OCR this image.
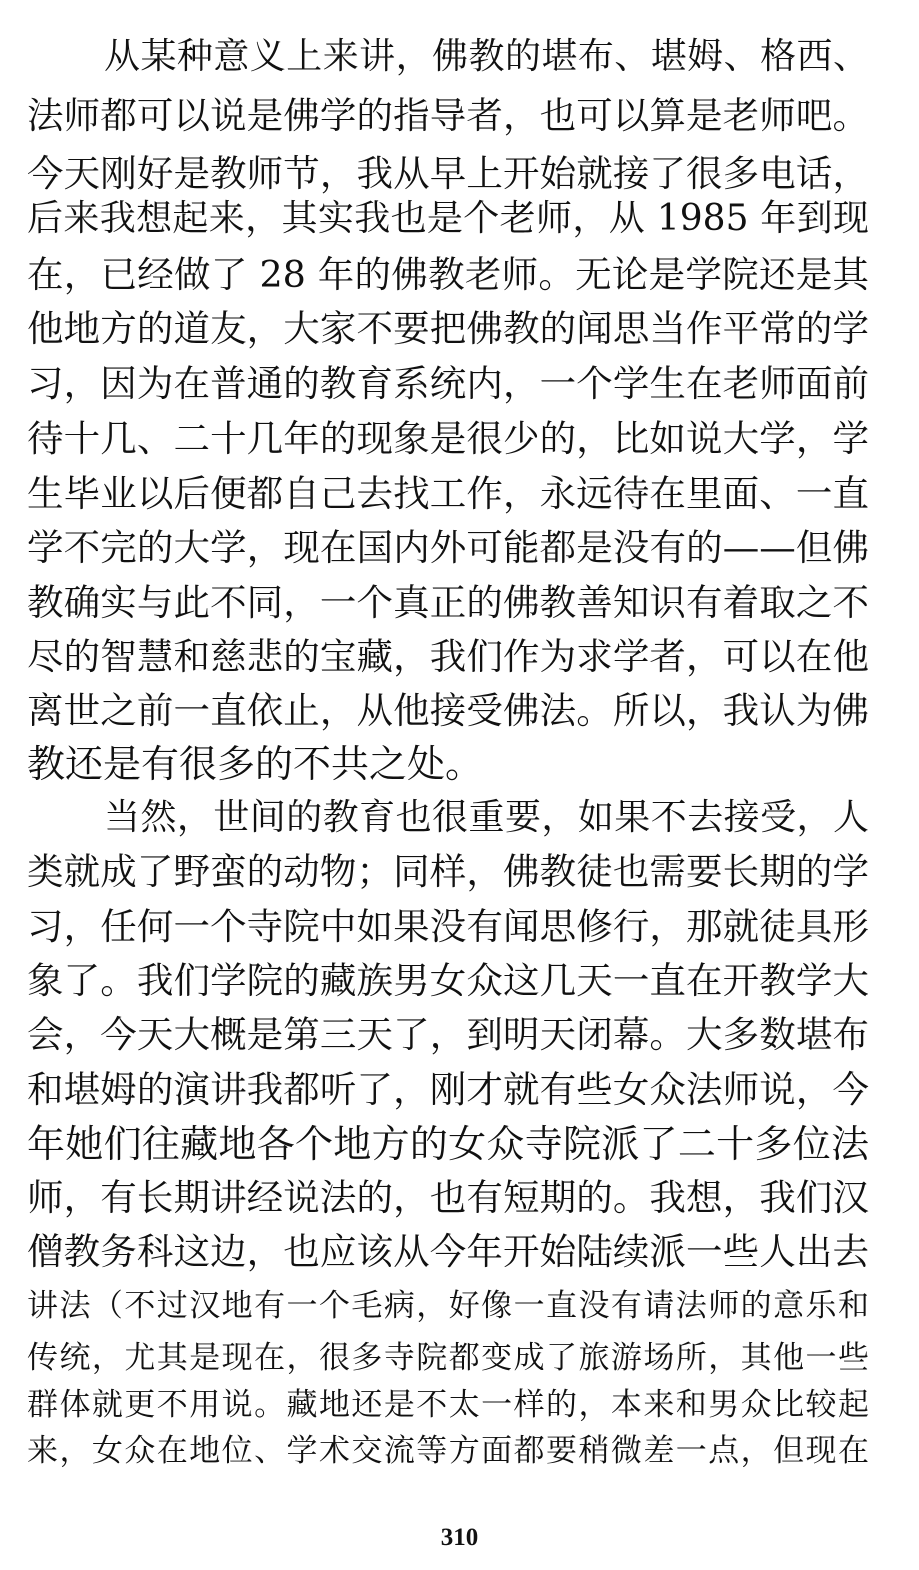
从某种意义上来讲，佛教的堪布、堪姆、格西、
法师都可以说是佛学的指导者，也可以算是老师吧。
今天刚好是教师节，我从早上开始就接了很多电话，
后来我想起来，其实我也是个老师，从 1985 年到现
在，已经做了 28 年的佛教老师。无论是学院还是其
他地方的道友，大家不要把佛教的闻思当作平常的学
习，因为在普通的教育系统内，一个学生在老师面前
待十几、二十几年的现象是很少的，比如说大学，学
生毕业以后便都自己去找工作，永远待在里面、一直
学不完的大学，现在国内外可能都是没有的——但佛
教确实与此不同，一个真正的佛教善知识有着取之不
尽的智慧和慈悲的宝藏，我们作为求学者，可以在他
离世之前一直依止，从他接受佛法。所以，我认为佛
教还是有很多的不共之处。
当然，世间的教育也很重要，如果不去接受，人
类就成了野蛮的动物；同样，佛教徒也需要长期的学
习，任何一个寺院中如果没有闻思修行，那就徒具形
象了。我们学院的藏族男女众这几天一直在开教学大
会，今天大概是第三天了，到明天闭幕。大多数堪布
和堪姆的演讲我都听了，刚才就有些女众法师说，今
年她们往藏地各个地方的女众寺院派了二十多位法
师，有长期讲经说法的，也有短期的。我想，我们汉
僧教务科这边，也应该从今年开始陆续派一些人出去
讲法（不过汉地有一个毛病，好像一直没有请法师的意乐和
传统，尤其是现在，很多寺院都变成了旅游场所，其他一些
群体就更不用说。藏地还是不太一样的，本来和男众比较起
来，女众在地位、学术交流等方面都要稍微差一点，但现在
310
